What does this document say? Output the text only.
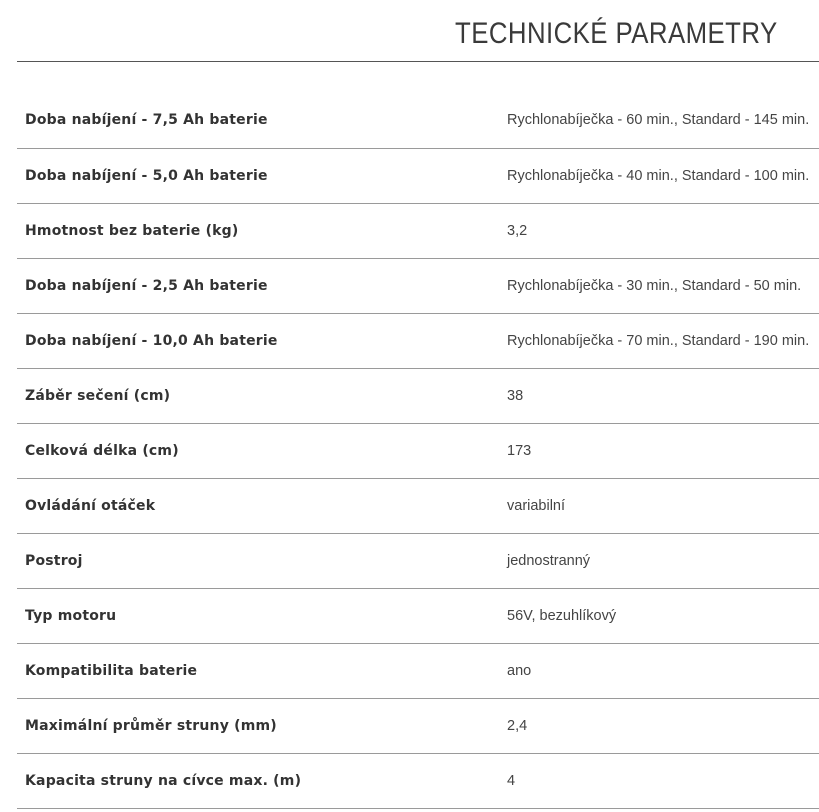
TECHNICKÉ PARAMETRY
Doba nabíjení - 7,5 Ah baterie	Rychlonabíječka - 60 min., Standard - 145 min.
Doba nabíjení - 5,0 Ah baterie	Rychlonabíječka - 40 min., Standard - 100 min.
Hmotnost bez baterie (kg)	3,2
Doba nabíjení - 2,5 Ah baterie	Rychlonabíječka - 30 min., Standard - 50 min.
Doba nabíjení - 10,0 Ah baterie	Rychlonabíječka - 70 min., Standard - 190 min.
Záběr sečení (cm)	38
Celková délka (cm)	173
Ovládání otáček	variabilní
Postroj	jednostranný
Typ motoru	56V, bezuhlíkový
Kompatibilita baterie	ano
Maximální průměr struny (mm)	2,4
Kapacita struny na cívce max. (m)	4
